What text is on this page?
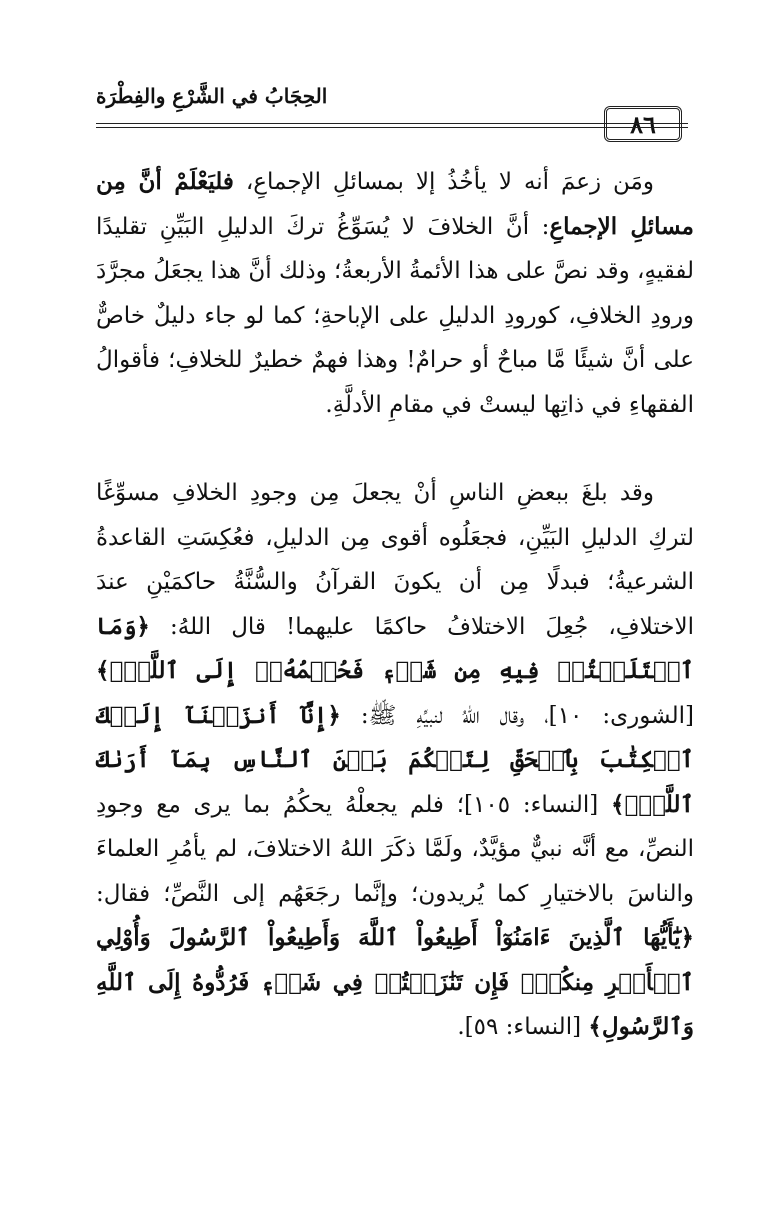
٨٦
الحِجَابُ في الشَّرْعِ والفِطْرَة

ومَن زعمَ أنه لا يأخُذُ إلا بمسائلِ الإجماعِ، فليَعْلَمْ أنَّ مِن مسائلِ الإجماعِ: أنَّ الخلافَ لا يُسَوِّغُ تركَ الدليلِ البَيِّنِ تقليدًا لفقيهٍ، وقد نصَّ على هذا الأئمةُ الأربعةُ؛ وذلك أنَّ هذا يجعَلُ مجرَّدَ ورودِ الخلافِ، كورودِ الدليلِ على الإباحةِ؛ كما لو جاء دليلٌ خاصٌّ على أنَّ شيئًا مَّا مباحٌ أو حرامٌ! وهذا فهمٌ خطيرٌ للخلافِ؛ فأقوالُ الفقهاءِ في ذاتِها ليستْ في مقامِ الأدلَّةِ.

وقد بلغَ ببعضِ الناسِ أنْ يجعلَ مِن وجودِ الخلافِ مسوِّغًا لتركِ الدليلِ البَيِّنِ، فجعَلُوه أقوى مِن الدليلِ، فعُكِسَتِ القاعدةُ الشرعيةُ؛ فبدلًا مِن أن يكونَ القرآنُ والسُّنَّةُ حاكمَيْنِ عندَ الاختلافِ، جُعِلَ الاختلافُ حاكمًا عليهما! قال اللهُ: ﴿وَمَا ٱخۡتَلَفۡتُمۡ فِيهِ مِن شَيۡءٖ فَحُكۡمُهُۥٓ إِلَى ٱللَّهِۚ﴾ [الشورى: ١٠]، وقال اللهُ لنبيِّهِ ﷺ: ﴿إِنَّآ أَنزَلۡنَآ إِلَيۡكَ ٱلۡكِتَٰبَ بِٱلۡحَقِّ لِتَحۡكُمَ بَيۡنَ ٱلنَّاسِ بِمَآ أَرَىٰكَ ٱللَّهُۚ﴾ [النساء: ١٠٥]؛ فلم يجعلْهُ يحكُمُ بما يرى مع وجودِ النصِّ، مع أنَّه نبيٌّ مؤيَّدٌ، ولَمَّا ذكَرَ اللهُ الاختلافَ، لم يأمُرِ العلماءَ والناسَ بالاختيارِ كما يُريدون؛ وإنَّما رجَعَهُم إلى النَّصِّ؛ فقال: ﴿يَٰٓأَيُّهَا ٱلَّذِينَ ءَامَنُوٓاْ أَطِيعُواْ ٱللَّهَ وَأَطِيعُواْ ٱلرَّسُولَ وَأُوْلِي ٱلۡأَمۡرِ مِنكُمۡۖ فَإِن تَنَٰزَعۡتُمۡ فِي شَيۡءٖ فَرُدُّوهُ إِلَى ٱللَّهِ وَٱلرَّسُولِ﴾ [النساء: ٥٩].
